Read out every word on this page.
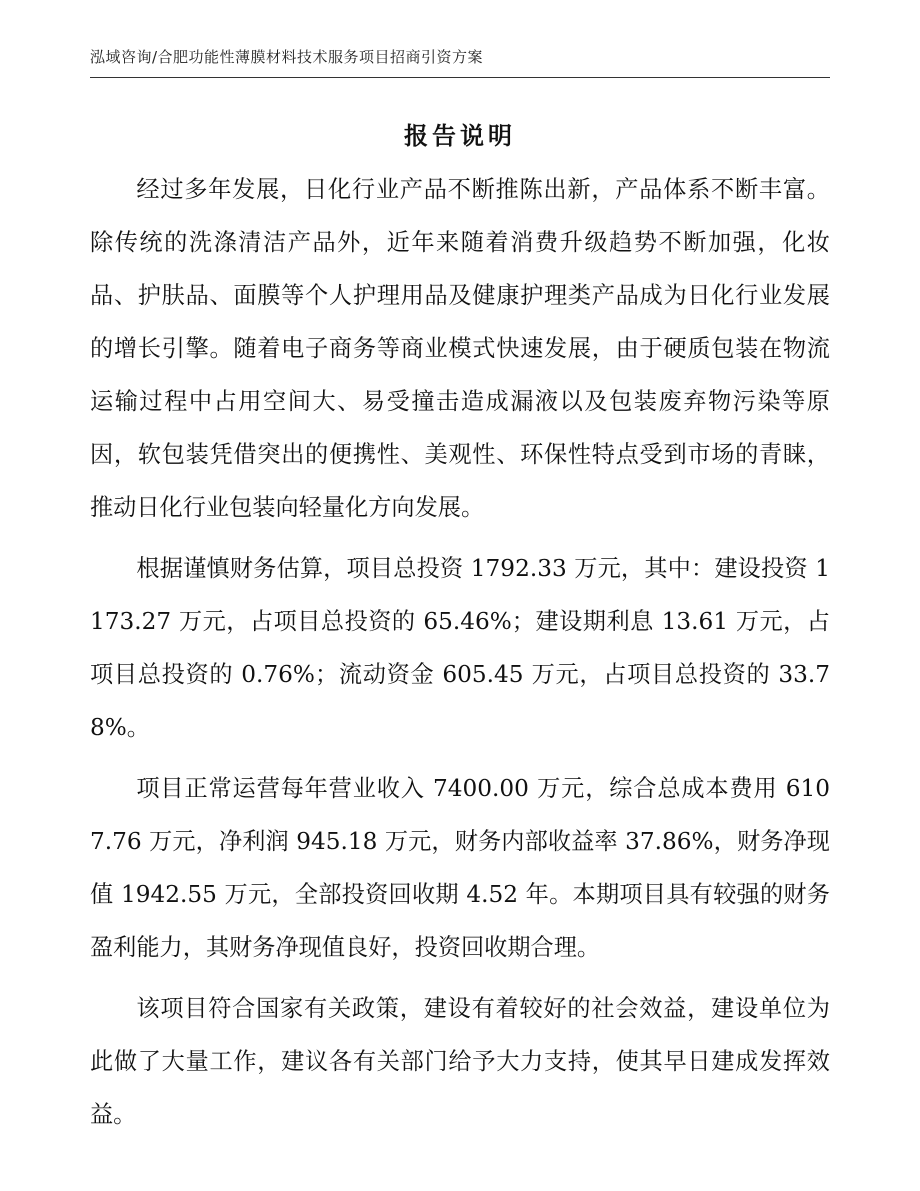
泓域咨询/合肥功能性薄膜材料技术服务项目招商引资方案
报告说明

经过多年发展，日化行业产品不断推陈出新，产品体系不断丰富。除传统的洗涤清洁产品外，近年来随着消费升级趋势不断加强，化妆品、护肤品、面膜等个人护理用品及健康护理类产品成为日化行业发展的增长引擎。随着电子商务等商业模式快速发展，由于硬质包装在物流运输过程中占用空间大、易受撞击造成漏液以及包装废弃物污染等原因，软包装凭借突出的便携性、美观性、环保性特点受到市场的青睐，推动日化行业包装向轻量化方向发展。

根据谨慎财务估算，项目总投资 1792.33 万元，其中：建设投资 1173.27 万元，占项目总投资的 65.46%；建设期利息 13.61 万元，占项目总投资的 0.76%；流动资金 605.45 万元，占项目总投资的 33.78%。

项目正常运营每年营业收入 7400.00 万元，综合总成本费用 6107.76 万元，净利润 945.18 万元，财务内部收益率 37.86%，财务净现值 1942.55 万元，全部投资回收期 4.52 年。本期项目具有较强的财务盈利能力，其财务净现值良好，投资回收期合理。

该项目符合国家有关政策，建设有着较好的社会效益，建设单位为此做了大量工作，建议各有关部门给予大力支持，使其早日建成发挥效益。
